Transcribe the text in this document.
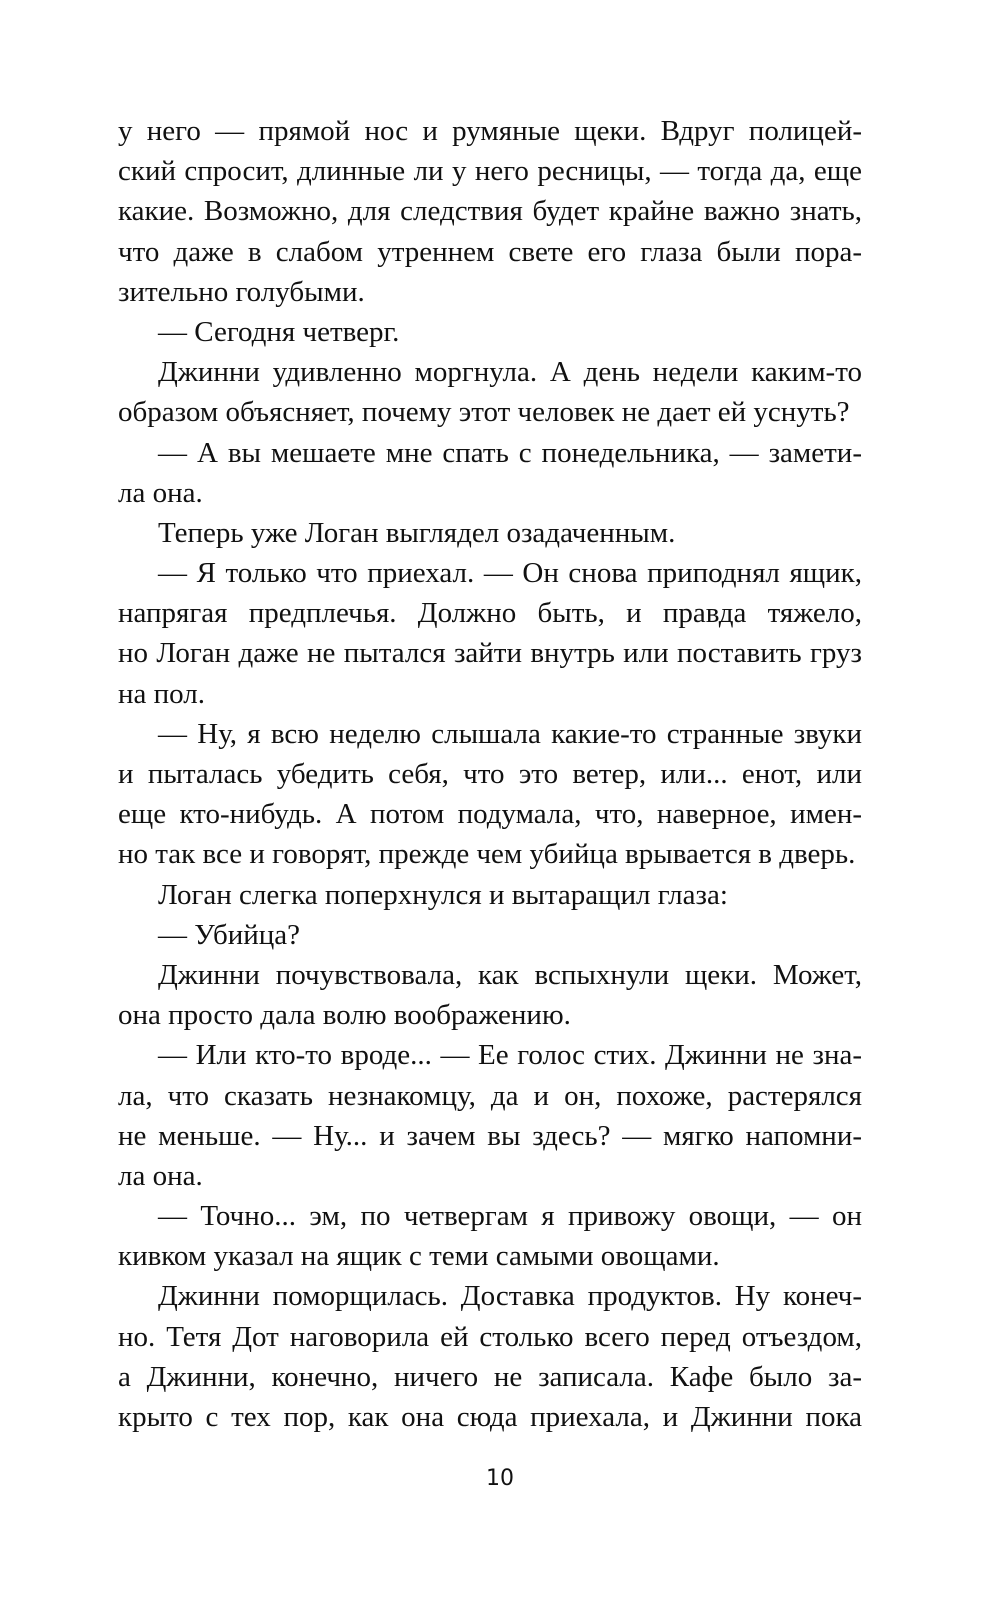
у него — прямой нос и румяные щеки. Вдруг полицей-
ский спросит, длинные ли у него ресницы, — тогда да, еще
какие. Возможно, для следствия будет крайне важно знать,
что даже в слабом утреннем свете его глаза были пора-
зительно голубыми.
— Сегодня четверг.
Джинни удивленно моргнула. А день недели каким-то
образом объясняет, почему этот человек не дает ей уснуть?
— А вы мешаете мне спать с понедельника, — замети-
ла она.
Теперь уже Логан выглядел озадаченным.
— Я только что приехал. — Он снова приподнял ящик,
напрягая предплечья. Должно быть, и правда тяжело,
но Логан даже не пытался зайти внутрь или поставить груз
на пол.
— Ну, я всю неделю слышала какие-то странные звуки
и пыталась убедить себя, что это ветер, или... енот, или
еще кто-нибудь. А потом подумала, что, наверное, имен-
но так все и говорят, прежде чем убийца врывается в дверь.
Логан слегка поперхнулся и вытаращил глаза:
— Убийца?
Джинни почувствовала, как вспыхнули щеки. Может,
она просто дала волю воображению.
— Или кто-то вроде... — Ее голос стих. Джинни не зна-
ла, что сказать незнакомцу, да и он, похоже, растерялся
не меньше. — Ну... и зачем вы здесь? — мягко напомни-
ла она.
— Точно... эм, по четвергам я привожу овощи, — он
кивком указал на ящик с теми самыми овощами.
Джинни поморщилась. Доставка продуктов. Ну конеч-
но. Тетя Дот наговорила ей столько всего перед отъездом,
а Джинни, конечно, ничего не записала. Кафе было за-
крыто с тех пор, как она сюда приехала, и Джинни пока
10
